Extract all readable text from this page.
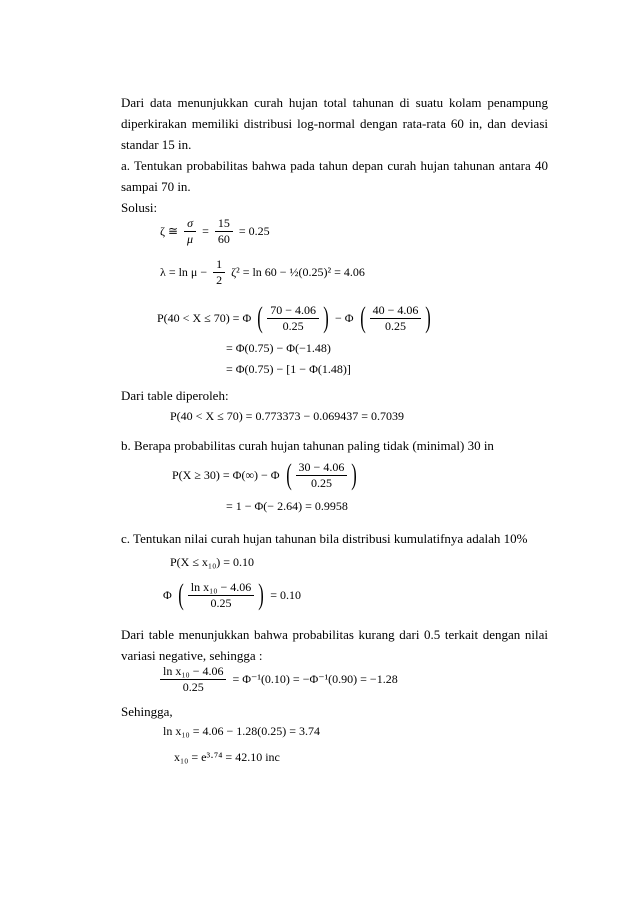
Dari data menunjukkan curah hujan total tahunan di suatu kolam penampung diperkirakan memiliki distribusi log-normal dengan rata-rata 60 in, dan deviasi standar 15 in.
a. Tentukan probabilitas bahwa pada tahun depan curah hujan tahunan antara 40 sampai 70 in.
Solusi:
ζ ≅ $\frac{\sigma}{\mu} = \frac{15}{60} = 0.25$
$\lambda = \ln \mu - \frac{1}{2} \zeta^2 = \ln 60$ − ½(0.25)² = 4.06
P(40 < X ≤ 70) = Φ ( $\frac{70 - 4.06}{0.25}$ ) − Φ ( $\frac{40 - 4.06}{0.25}$ )
= Φ(0.75) − Φ(−1.48)
= Φ(0.75) − [1 − Φ(1.48)]
Dari table diperoleh:
P(40 < X ≤ 70) = 0.773373 − 0.069437 = 0.7039
b. Berapa probabilitas curah hujan tahunan paling tidak (minimal) 30 in
P(X ≥ 30) = Φ(∞) − Φ ( $\frac{30 - 4.06}{0.25}$ )
= 1 − Φ(− 2.64) = 0.9958
c. Tentukan nilai curah hujan tahunan bila distribusi kumulatifnya adalah 10%
P(X ≤ x₁₀) = 0.10
Φ ( $\frac{\text{ln x₁₀ − 4.06}}{0.25}$ ) = 0.10
Dari table menunjukkan bahwa probabilitas kurang dari 0.5 terkait dengan nilai variasi negative, sehingga :
$\frac{\text{ln x₁₀ − 4.06}}{0.25} = \Phi^{-1}(0.10) = -\Phi^{-1}(0.90) = -1.28$
Sehingga,
ln x₁₀ = 4.06 − 1.28(0.25) = 3.74
x₁₀ = e³·⁷⁴ = 42.10 inc
